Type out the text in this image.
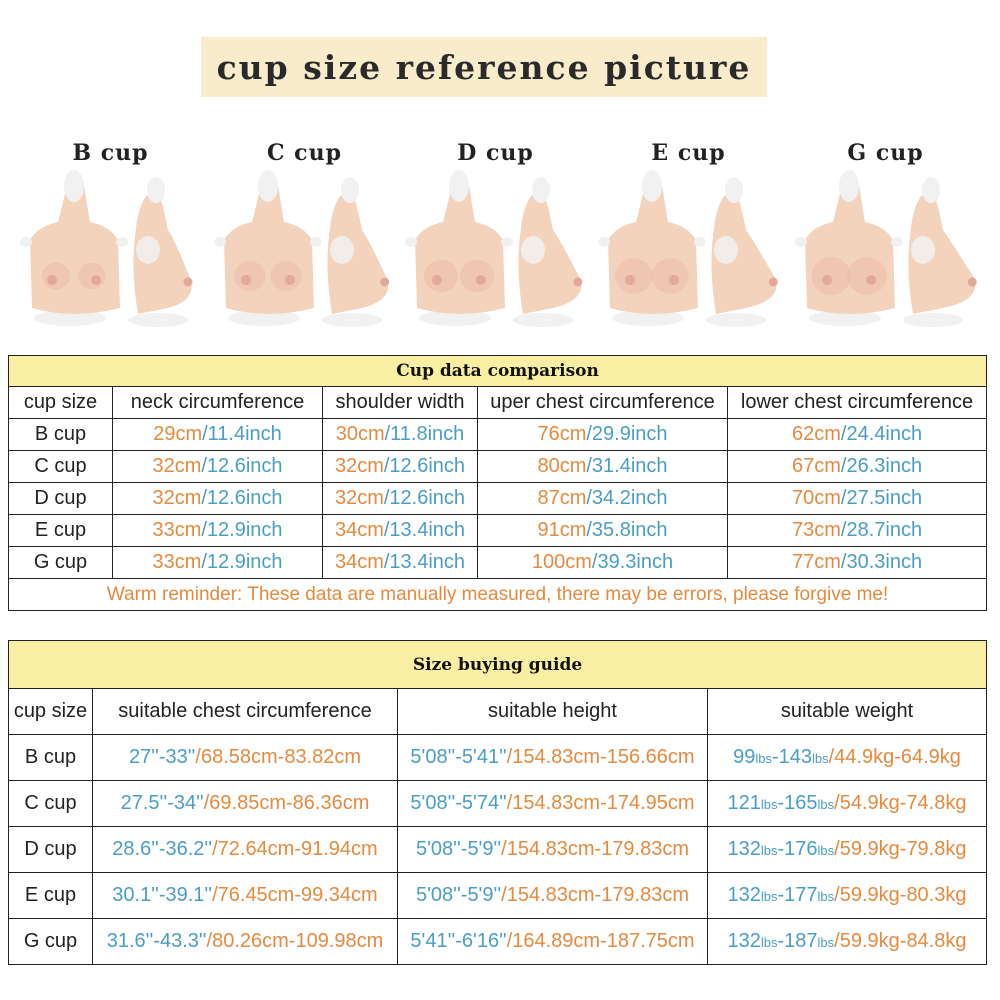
cup size reference picture
B cup	C cup	D cup	E cup	G cup
Cup data comparison				
cup size	neck circumference	shoulder width	uper chest circumference	lower chest circumference
B cup	29cm/11.4inch	30cm/11.8inch	76cm/29.9inch	62cm/24.4inch
C cup	32cm/12.6inch	32cm/12.6inch	80cm/31.4inch	67cm/26.3inch
D cup	32cm/12.6inch	32cm/12.6inch	87cm/34.2inch	70cm/27.5inch
E cup	33cm/12.9inch	34cm/13.4inch	91cm/35.8inch	73cm/28.7inch
G cup	33cm/12.9inch	34cm/13.4inch	100cm/39.3inch	77cm/30.3inch
Warm reminder: These data are manually measured, there may be errors, please forgive me!				
Size buying guide			
cup size	suitable chest circumference	suitable height	suitable weight
B cup	27''-33''/68.58cm-83.82cm	5'08''-5'41''/154.83cm-156.66cm	99lbs-143lbs/44.9kg-64.9kg
C cup	27.5''-34''/69.85cm-86.36cm	5'08''-5'74''/154.83cm-174.95cm	121lbs-165lbs/54.9kg-74.8kg
D cup	28.6''-36.2''/72.64cm-91.94cm	5'08''-5'9''/154.83cm-179.83cm	132lbs-176lbs/59.9kg-79.8kg
E cup	30.1''-39.1''/76.45cm-99.34cm	5'08''-5'9''/154.83cm-179.83cm	132lbs-177lbs/59.9kg-80.3kg
G cup	31.6''-43.3''/80.26cm-109.98cm	5'41''-6'16''/164.89cm-187.75cm	132lbs-187lbs/59.9kg-84.8kg
